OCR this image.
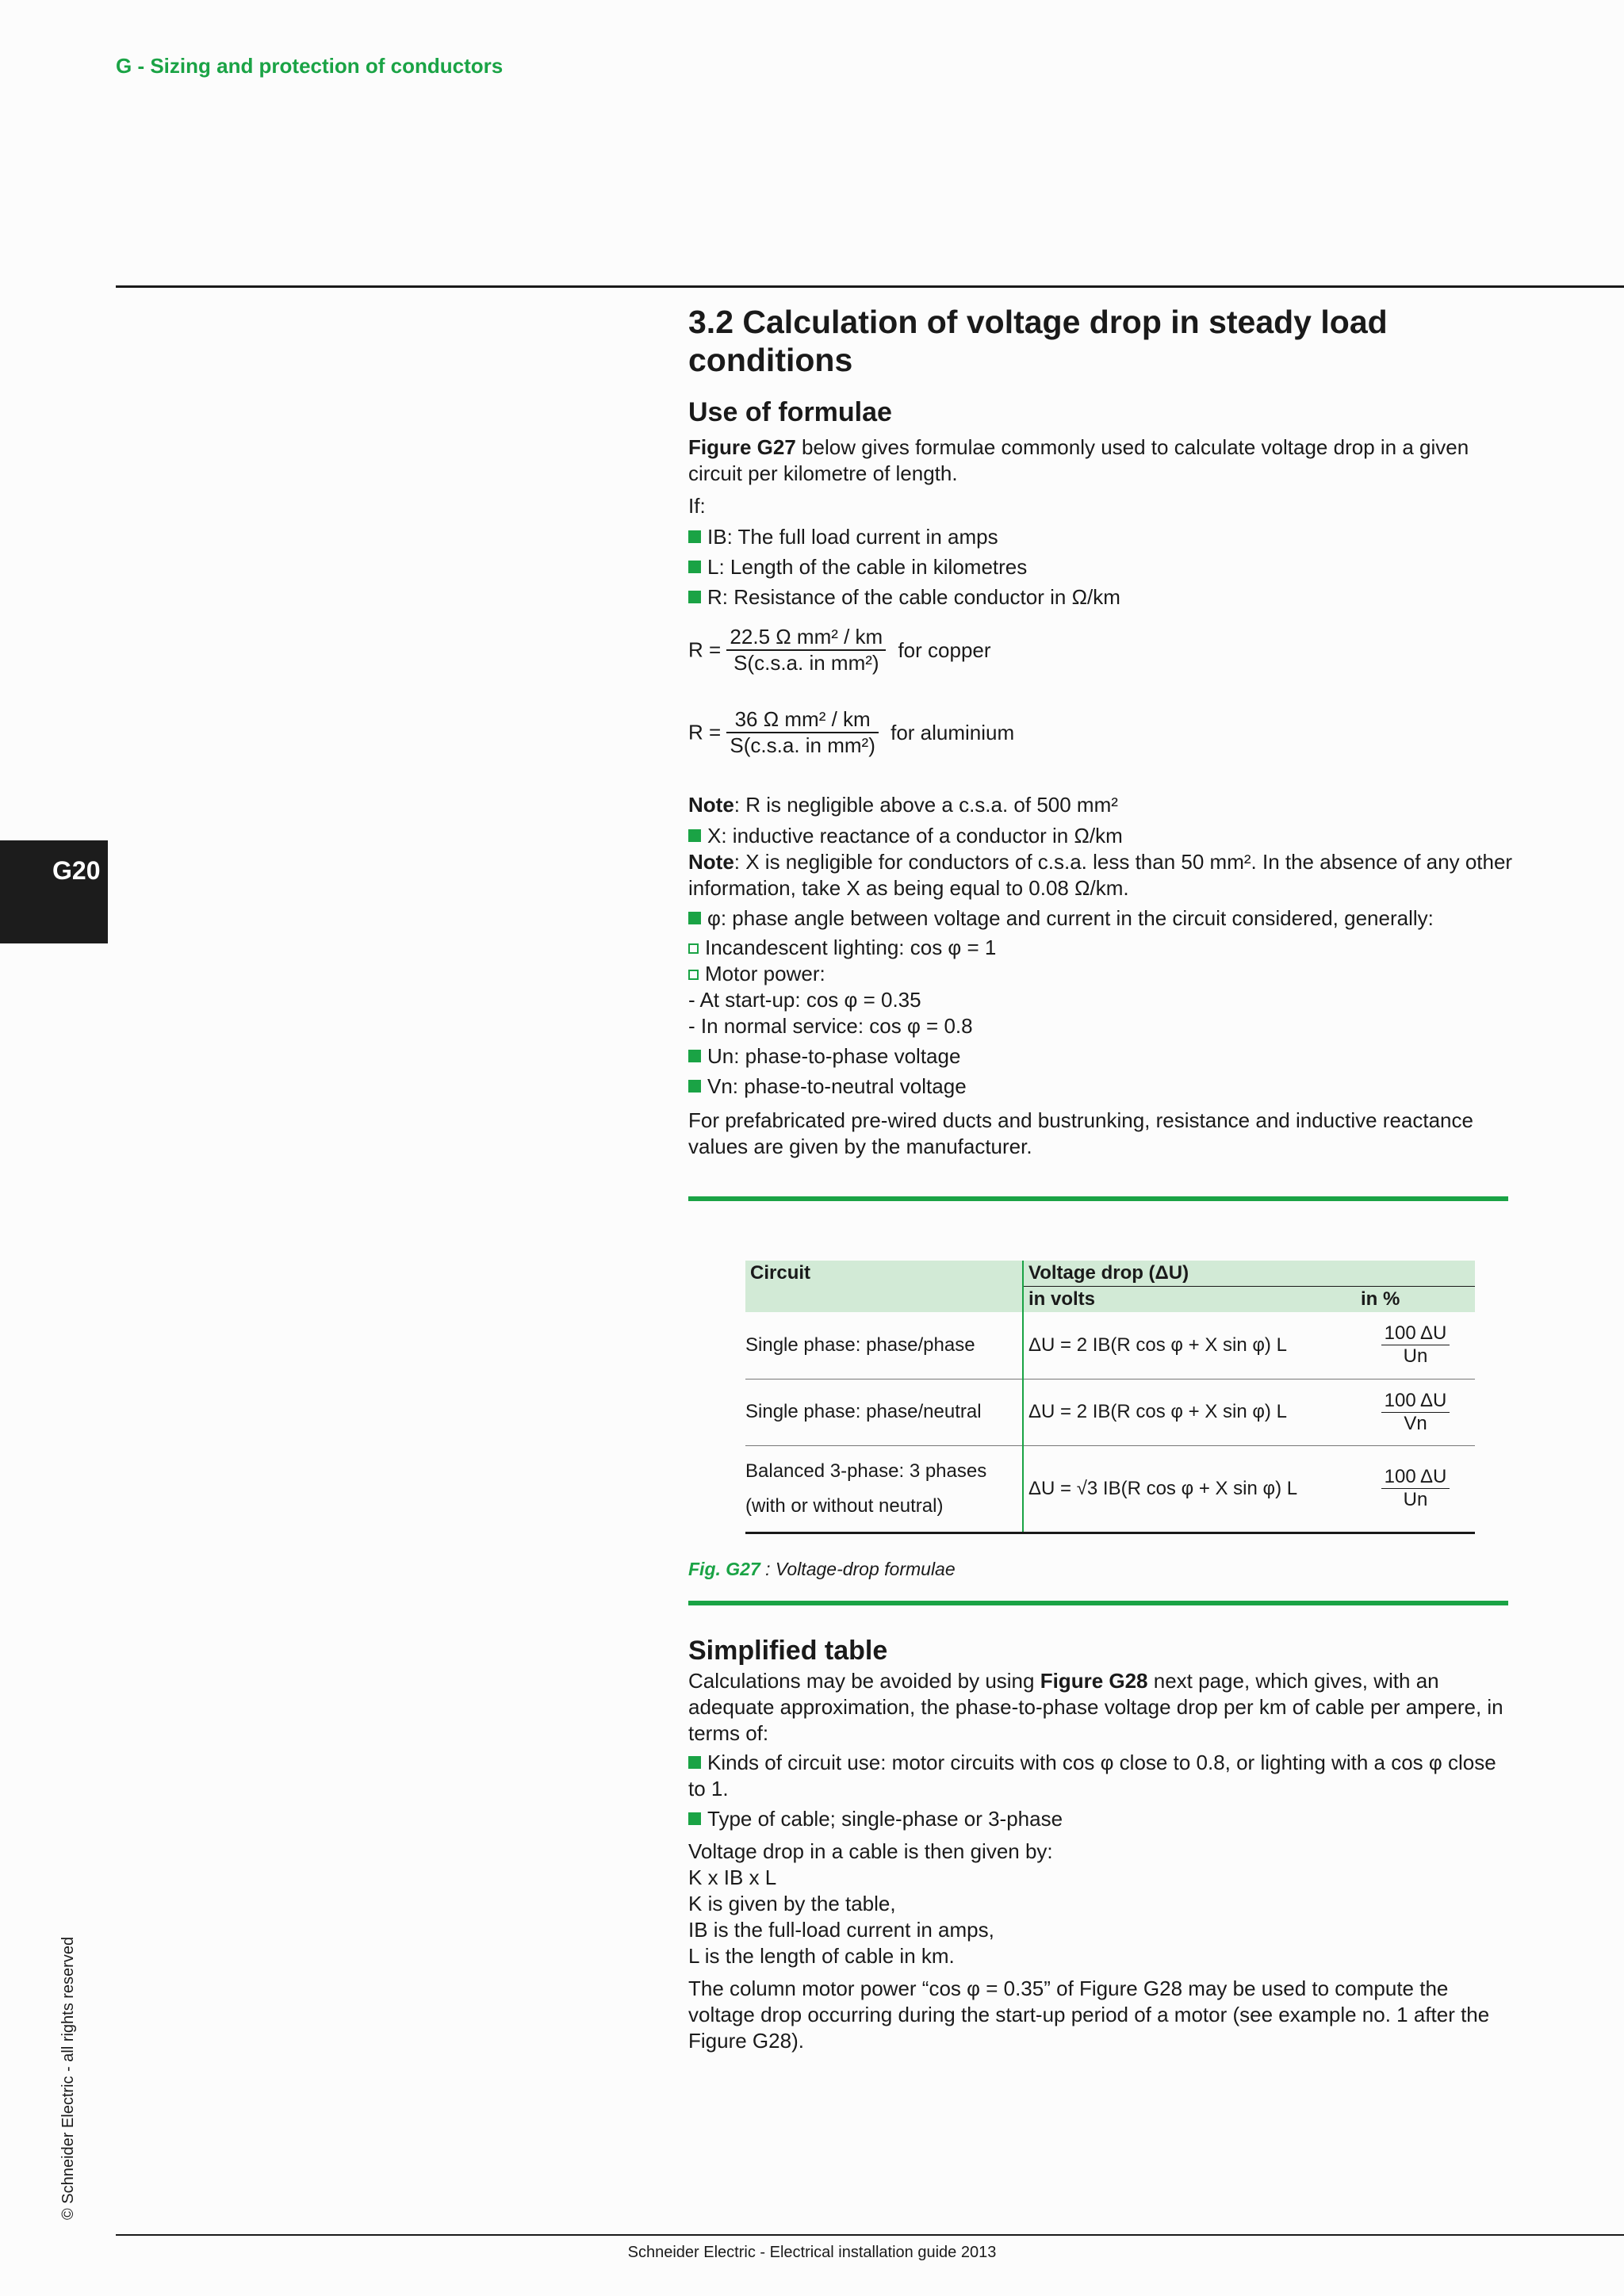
G - Sizing and protection of conductors
G20
© Schneider Electric - all rights reserved
Schneider Electric - Electrical installation guide 2013
3.2 Calculation of voltage drop in steady load
conditions
Use of formulae

Figure G27 below gives formulae commonly used to calculate voltage drop in a given circuit per kilometre of length.

If:

IB: The full load current in amps

L: Length of the cable in kilometres

R: Resistance of the cable conductor in Ω/km

$R = \frac{\text{22.5 Ω mm² / km}}{\text{S(c.s.a. in mm²)}}$ for copper
$R = \frac{\text{36 Ω mm² / km}}{\text{S(c.s.a. in mm²)}}$ for aluminium

Note: R is negligible above a c.s.a. of 500 mm²

X: inductive reactance of a conductor in Ω/km

Note: X is negligible for conductors of c.s.a. less than 50 mm². In the absence of any other information, take X as being equal to 0.08 Ω/km.

φ: phase angle between voltage and current in the circuit considered, generally:

Incandescent lighting: cos φ = 1

Motor power:

- At start-up: cos φ = 0.35

- In normal service: cos φ = 0.8

Un: phase-to-phase voltage

Vn: phase-to-neutral voltage

For prefabricated pre-wired ducts and bustrunking, resistance and inductive reactance values are given by the manufacturer.

Circuit	Voltage drop (ΔU)	
	in volts	in %
Single phase: phase/phase	ΔU = 2 IB(R cos φ + X sin φ) L	$\frac{100 \Delta U}{Un}$

Single phase: phase/neutral	ΔU = 2 IB(R cos φ + X sin φ) L	$\frac{100 \Delta U}{Vn}$

Balanced 3-phase: 3 phases
(with or without neutral)	ΔU = √3 IB(R cos φ + X sin φ) L	$\frac{100 \Delta U}{Un}$
Fig. G27 : Voltage-drop formulae
Simplified table

Calculations may be avoided by using Figure G28 next page, which gives, with an adequate approximation, the phase-to-phase voltage drop per km of cable per ampere, in terms of:

Kinds of circuit use: motor circuits with cos φ close to 0.8, or lighting with a cos φ close to 1.

Type of cable; single-phase or 3-phase

Voltage drop in a cable is then given by:

K x IB x L

K is given by the table,

IB is the full-load current in amps,

L is the length of cable in km.

The column motor power “cos φ = 0.35” of Figure G28 may be used to compute the voltage drop occurring during the start-up period of a motor (see example no. 1 after the Figure G28).
